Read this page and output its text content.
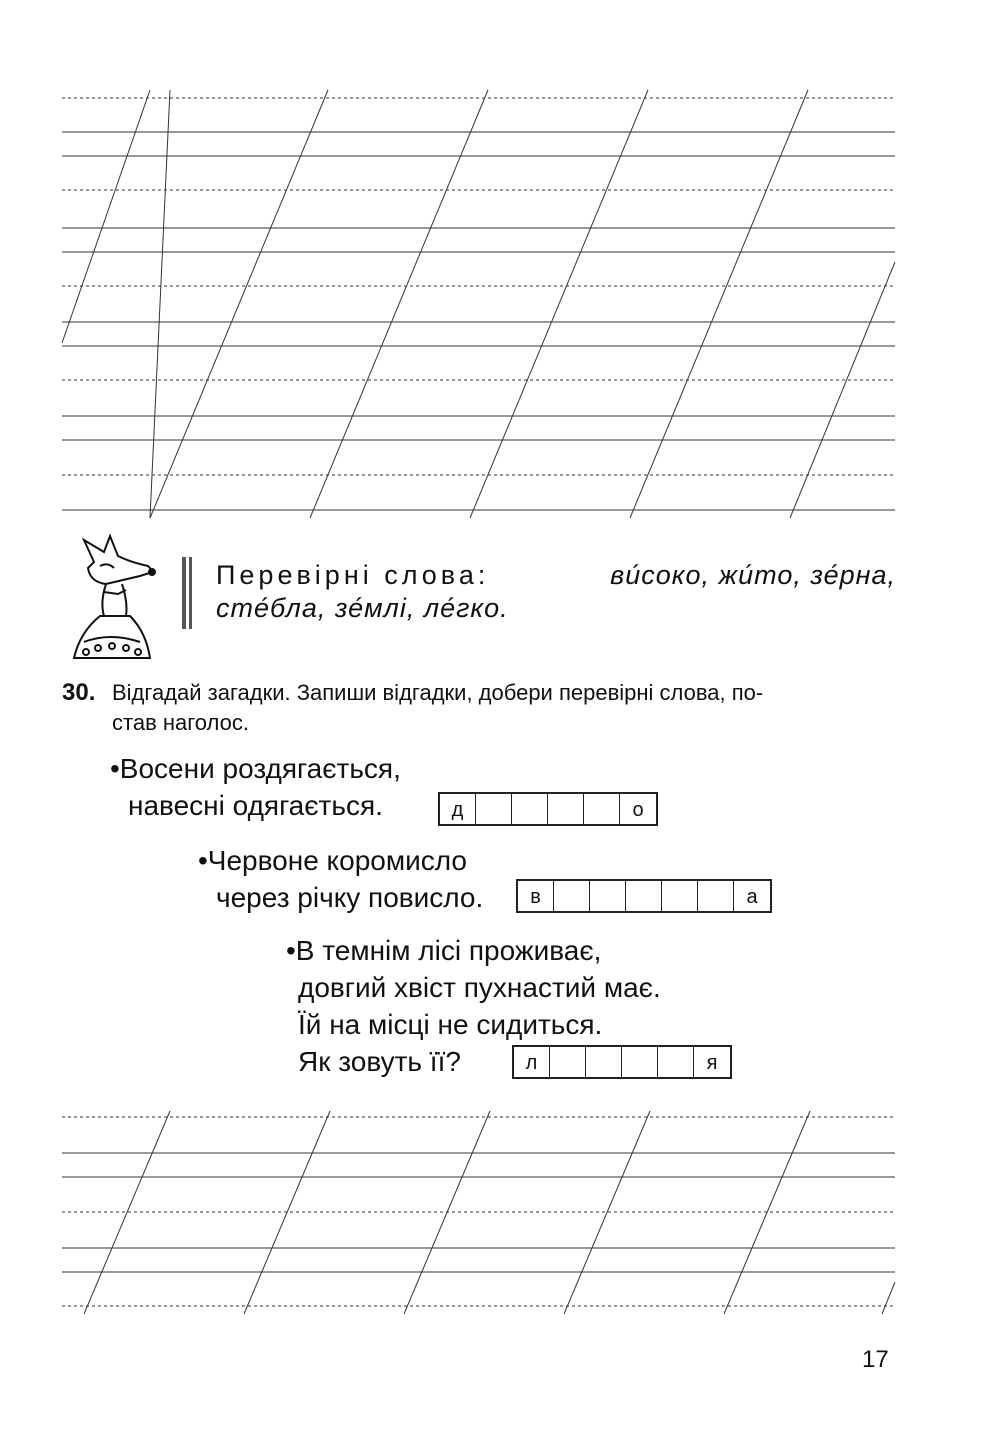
Перевірні слова:	ви́соко, жи́то, зе́рна,
сте́бла, зе́млі, ле́гко.
30. Відгадай загадки. Запиши відгадки, добери перевірні слова, по-
став наголос.
•Восени роздягається,
навесні одягається.	д	о
•Червоне коромисло
через річку повисло.	в	а
•В темнім лісі проживає,
довгий хвіст пухнастий має.
Їй на місці не сидиться.
Як зовуть її?	л	я
17
